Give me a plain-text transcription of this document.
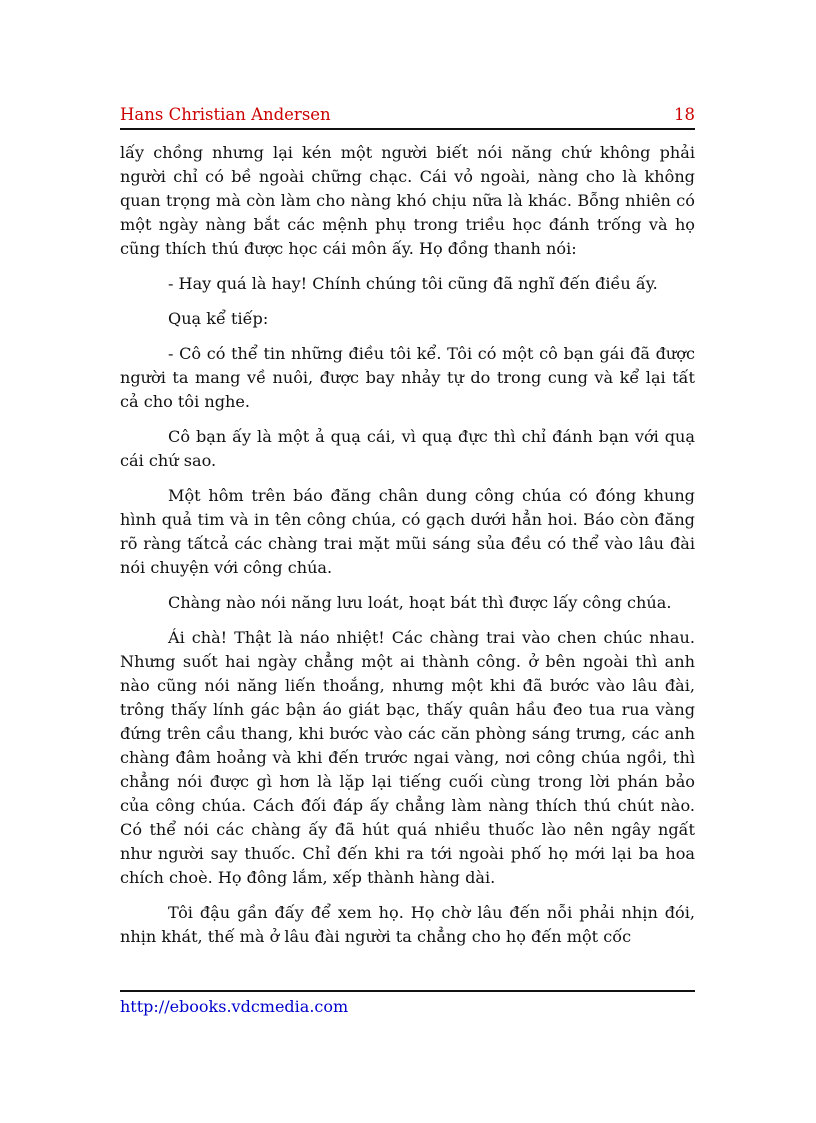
Hans Christian Andersen	18

lấy chồng nhưng lại kén một người biết nói năng chứ không phải người chỉ có bề ngoài chững chạc. Cái vỏ ngoài, nàng cho là không quan trọng mà còn làm cho nàng khó chịu nữa là khác. Bỗng nhiên có một ngày nàng bắt các mệnh phụ trong triều học đánh trống và họ cũng thích thú được học cái môn ấy. Họ đồng thanh nói:

- Hay quá là hay! Chính chúng tôi cũng đã nghĩ đến điều ấy.

Quạ kể tiếp:

- Cô có thể tin những điều tôi kể. Tôi có một cô bạn gái đã được người ta mang về nuôi, được bay nhảy tự do trong cung và kể lại tất cả cho tôi nghe.

Cô bạn ấy là một ả quạ cái, vì quạ đực thì chỉ đánh bạn với quạ cái chứ sao.

Một hôm trên báo đăng chân dung công chúa có đóng khung hình quả tim và in tên công chúa, có gạch dưới hẳn hoi. Báo còn đăng rõ ràng tấtcả các chàng trai mặt mũi sáng sủa đều có thể vào lâu đài nói chuyện với công chúa.

Chàng nào nói năng lưu loát, hoạt bát thì được lấy công chúa.

Ái chà! Thật là náo nhiệt! Các chàng trai vào chen chúc nhau. Nhưng suốt hai ngày chẳng một ai thành công. ở bên ngoài thì anh nào cũng nói năng liến thoắng, nhưng một khi đã bước vào lâu đài, trông thấy lính gác bận áo giát bạc, thấy quân hầu đeo tua rua vàng đứng trên cầu thang, khi bước vào các căn phòng sáng trưng, các anh chàng đâm hoảng và khi đến trước ngai vàng, nơi công chúa ngồi, thì chẳng nói được gì hơn là lặp lại tiếng cuối cùng trong lời phán bảo của công chúa. Cách đối đáp ấy chẳng làm nàng thích thú chút nào. Có thể nói các chàng ấy đã hút quá nhiều thuốc lào nên ngây ngất như người say thuốc. Chỉ đến khi ra tới ngoài phố họ mới lại ba hoa chích choè. Họ đông lắm, xếp thành hàng dài.

Tôi đậu gần đấy để xem họ. Họ chờ lâu đến nỗi phải nhịn đói, nhịn khát, thế mà ở lâu đài người ta chẳng cho họ đến một cốc

http://ebooks.vdcmedia.com
